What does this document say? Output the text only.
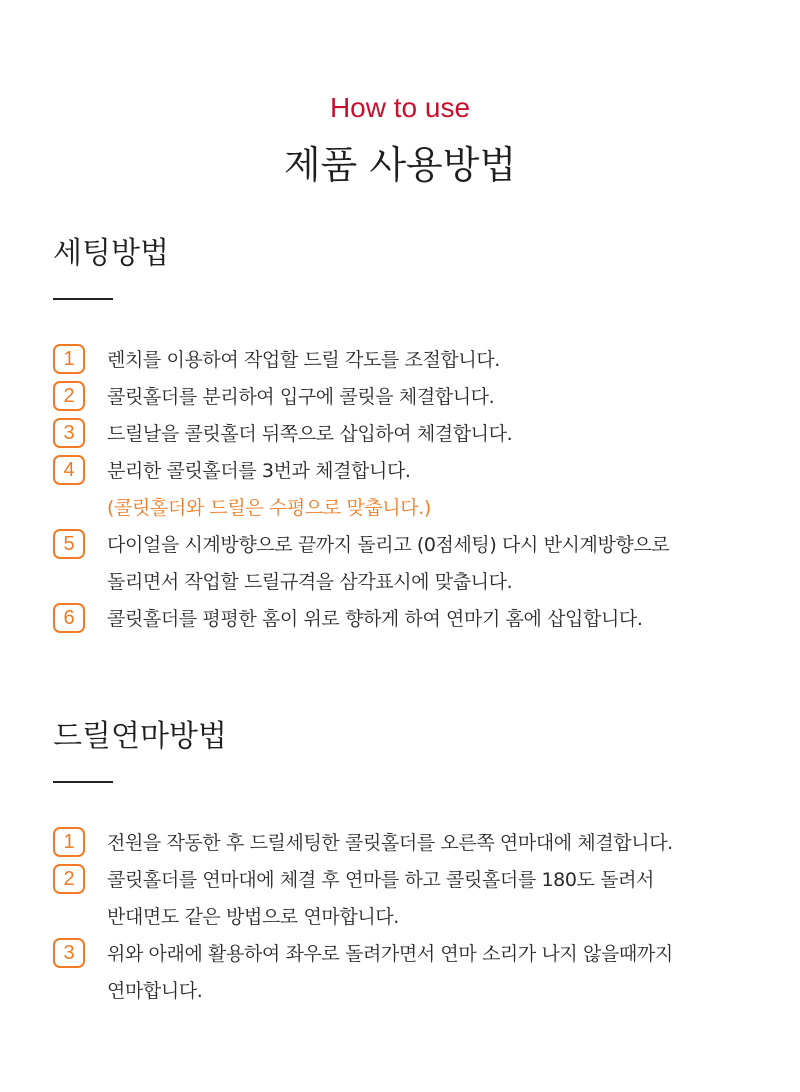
How to use
제품 사용방법
세팅방법
1	렌치를 이용하여 작업할 드릴 각도를 조절합니다.
2	콜릿홀더를 분리하여 입구에 콜릿을 체결합니다.
3	드릴날을 콜릿홀더 뒤쪽으로 삽입하여 체결합니다.
4	분리한 콜릿홀더를 3번과 체결합니다.
(콜릿홀더와 드릴은 수평으로 맞춥니다.)
5	다이얼을 시계방향으로 끝까지 돌리고 (0점세팅) 다시 반시계방향으로
돌리면서 작업할 드릴규격을 삼각표시에 맞춥니다.
6	콜릿홀더를 평평한 홈이 위로 향하게 하여 연마기 홈에 삽입합니다.
드릴연마방법
1	전원을 작동한 후 드릴세팅한 콜릿홀더를 오른쪽 연마대에 체결합니다.
2	콜릿홀더를 연마대에 체결 후 연마를 하고 콜릿홀더를 180도 돌려서
반대면도 같은 방법으로 연마합니다.
3	위와 아래에 활용하여 좌우로 돌려가면서 연마 소리가 나지 않을때까지
연마합니다.
